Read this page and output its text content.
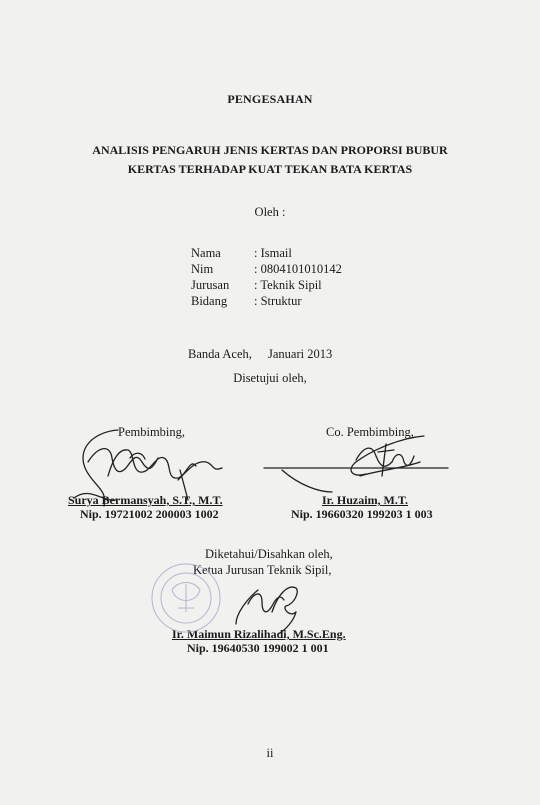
PENGESAHAN
ANALISIS PENGARUH JENIS KERTAS DAN PROPORSI BUBUR
KERTAS TERHADAP KUAT TEKAN BATA KERTAS
Oleh :
Nama	: Ismail
Nim	: 0804101010142
Jurusan : Teknik Sipil
Bidang : Struktur
Banda Aceh, Januari 2013
Disetujui oleh,
Pembimbing,
Surya Bermansyah, S.T., M.T.
Nip. 19721002 200003 1002
Co. Pembimbing,
Ir. Huzaim, M.T.
Nip. 19660320 199203 1 003
Diketahui/Disahkan oleh,
Ketua Jurusan Teknik Sipil,
Ir. Maimun Rizalihadi, M.Sc.Eng.
Nip. 19640530 199002 1 001
ii
